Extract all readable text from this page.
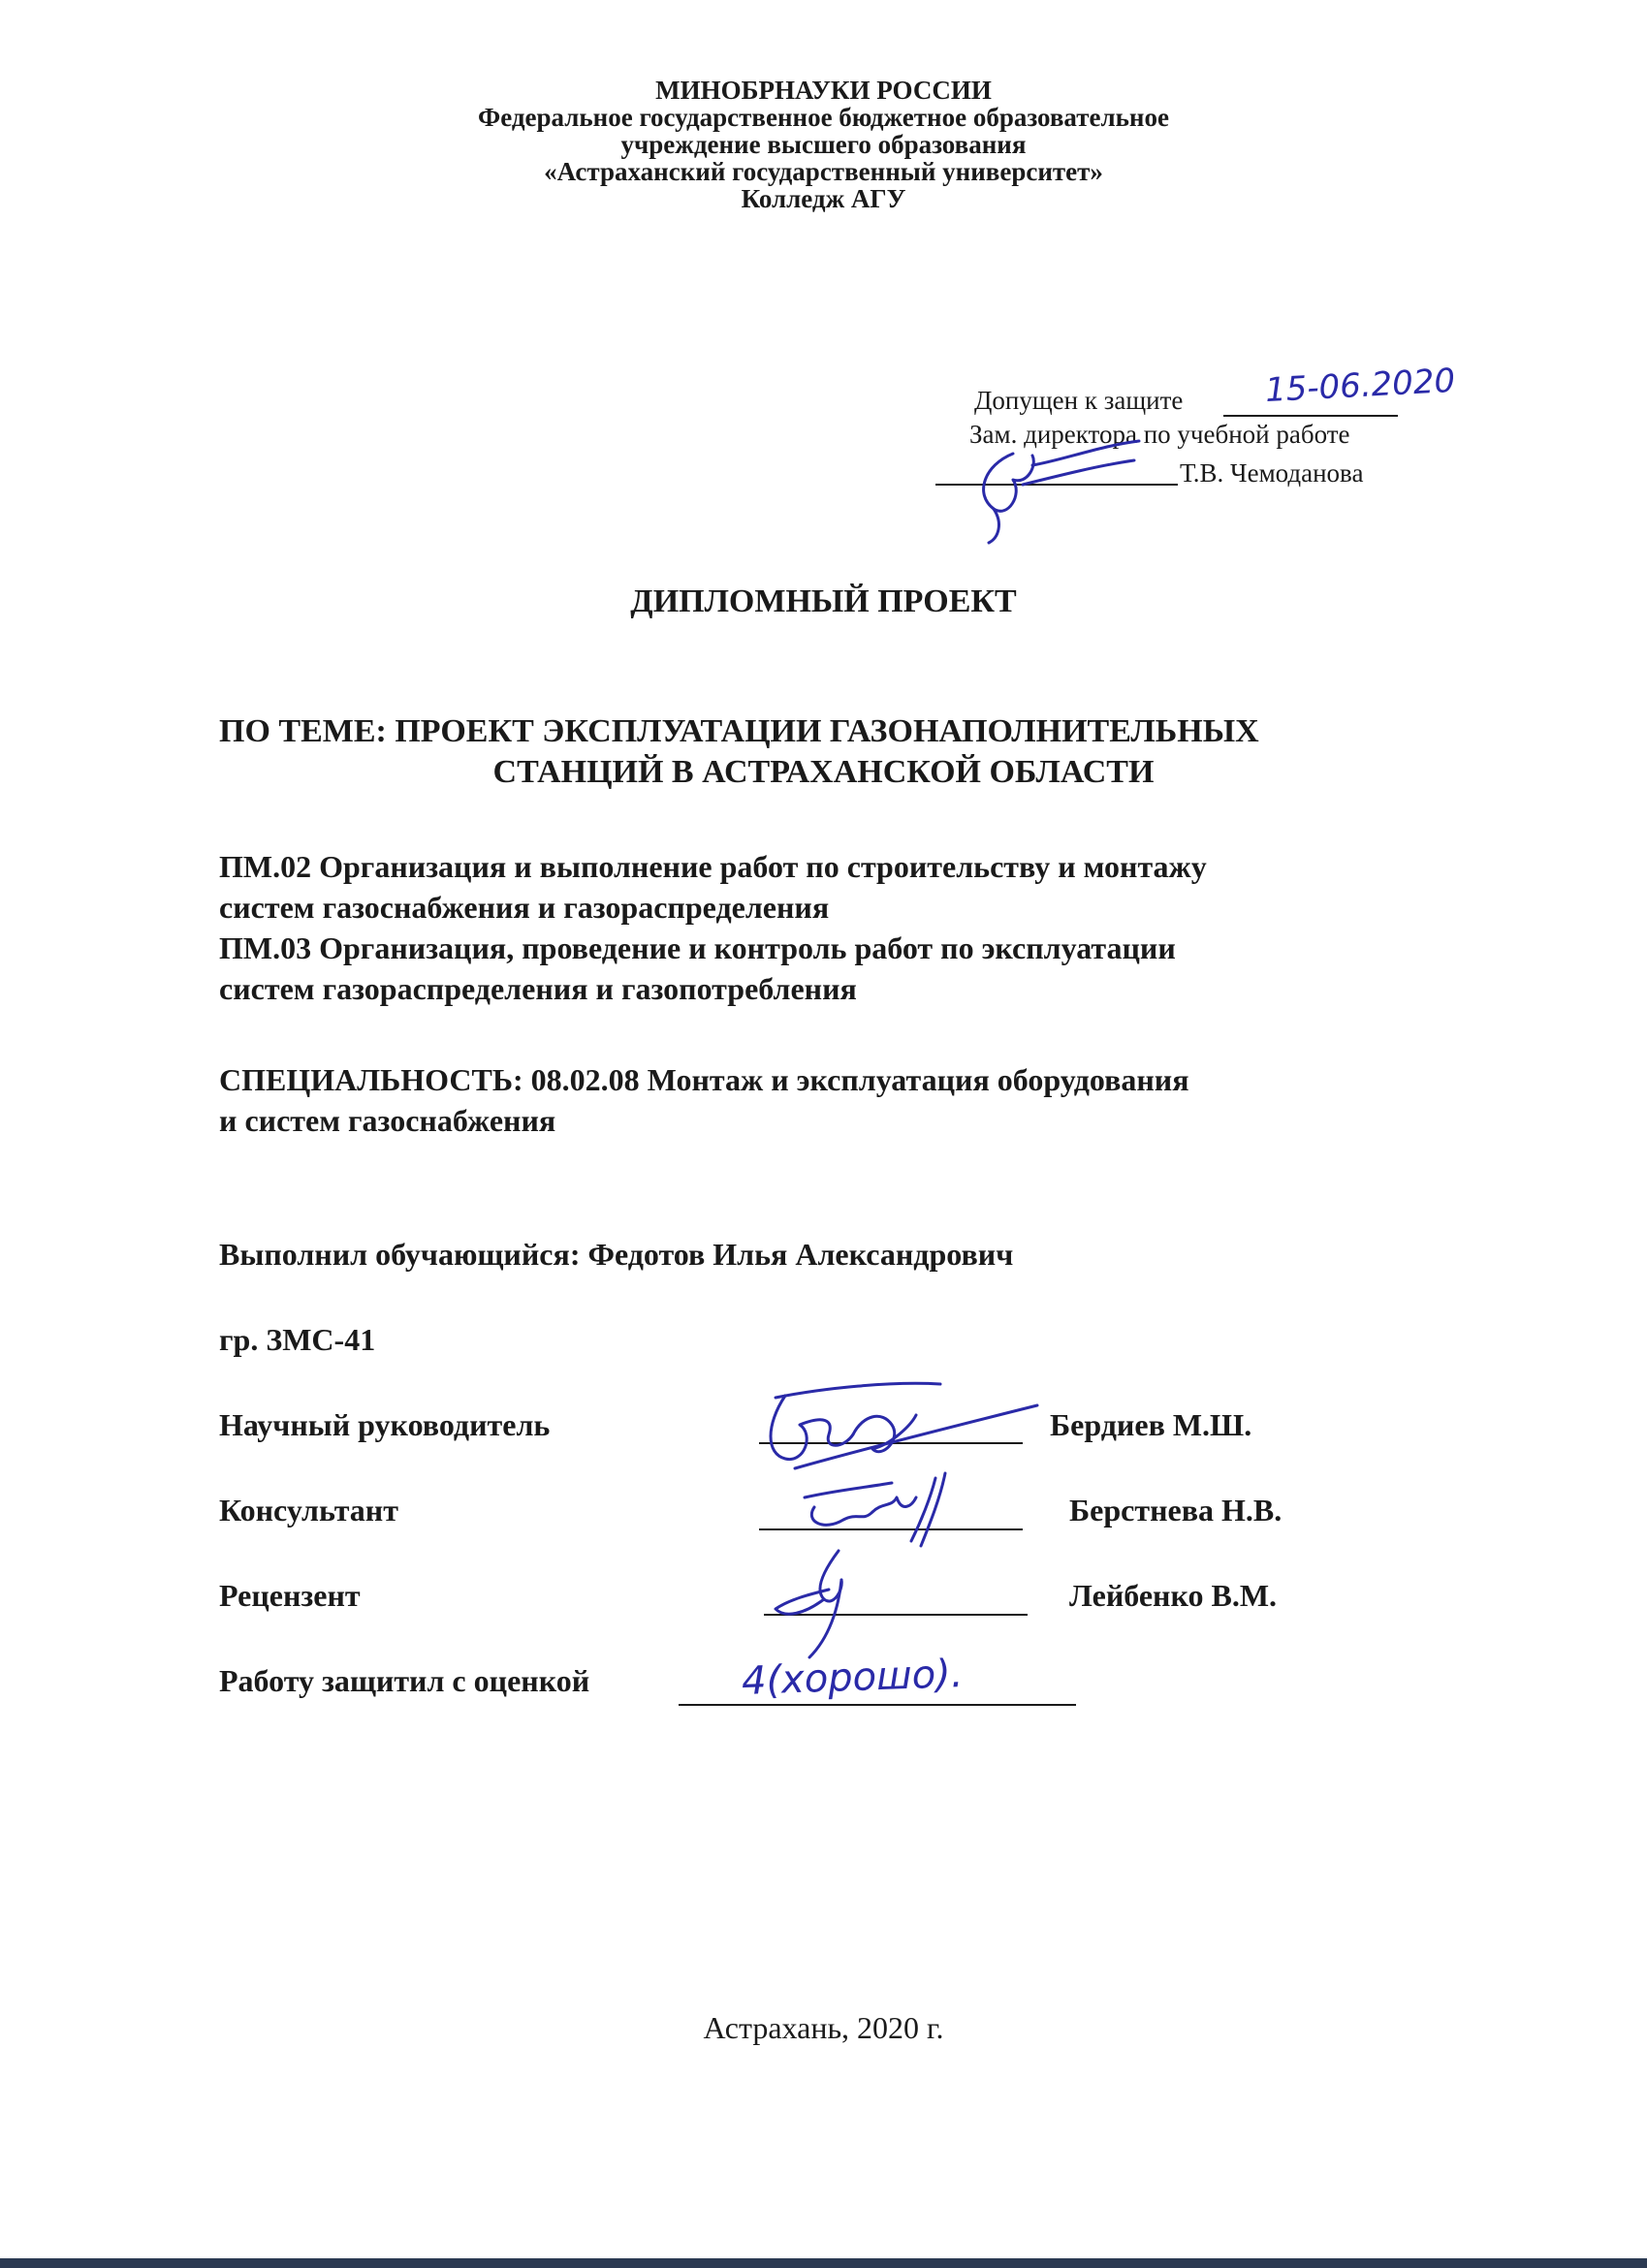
МИНОБРНАУКИ РОССИИ
Федеральное государственное бюджетное образовательное
учреждение высшего образования
«Астраханский государственный университет»
Колледж АГУ
Допущен к защите 15-06.2020
Зам. директора по учебной работе
Т.В. Чемоданова
ДИПЛОМНЫЙ ПРОЕКТ
ПО ТЕМЕ: ПРОЕКТ ЭКСПЛУАТАЦИИ ГАЗОНАПОЛНИТЕЛЬНЫХ
СТАНЦИЙ В АСТРАХАНСКОЙ ОБЛАСТИ
ПМ.02 Организация и выполнение работ по строительству и монтажу
систем газоснабжения и газораспределения
ПМ.03 Организация, проведение и контроль работ по эксплуатации
систем газораспределения и газопотребления
СПЕЦИАЛЬНОСТЬ: 08.02.08 Монтаж и эксплуатация оборудования
и систем газоснабжения
Выполнил обучающийся: Федотов Илья Александрович
гр. ЗМС-41
Научный руководитель	Бердиев М.Ш.
Консультант	Берстнева Н.В.
Рецензент	Лейбенко В.М.
Работу защитил с оценкой	4(хорошо).
Астрахань, 2020 г.
